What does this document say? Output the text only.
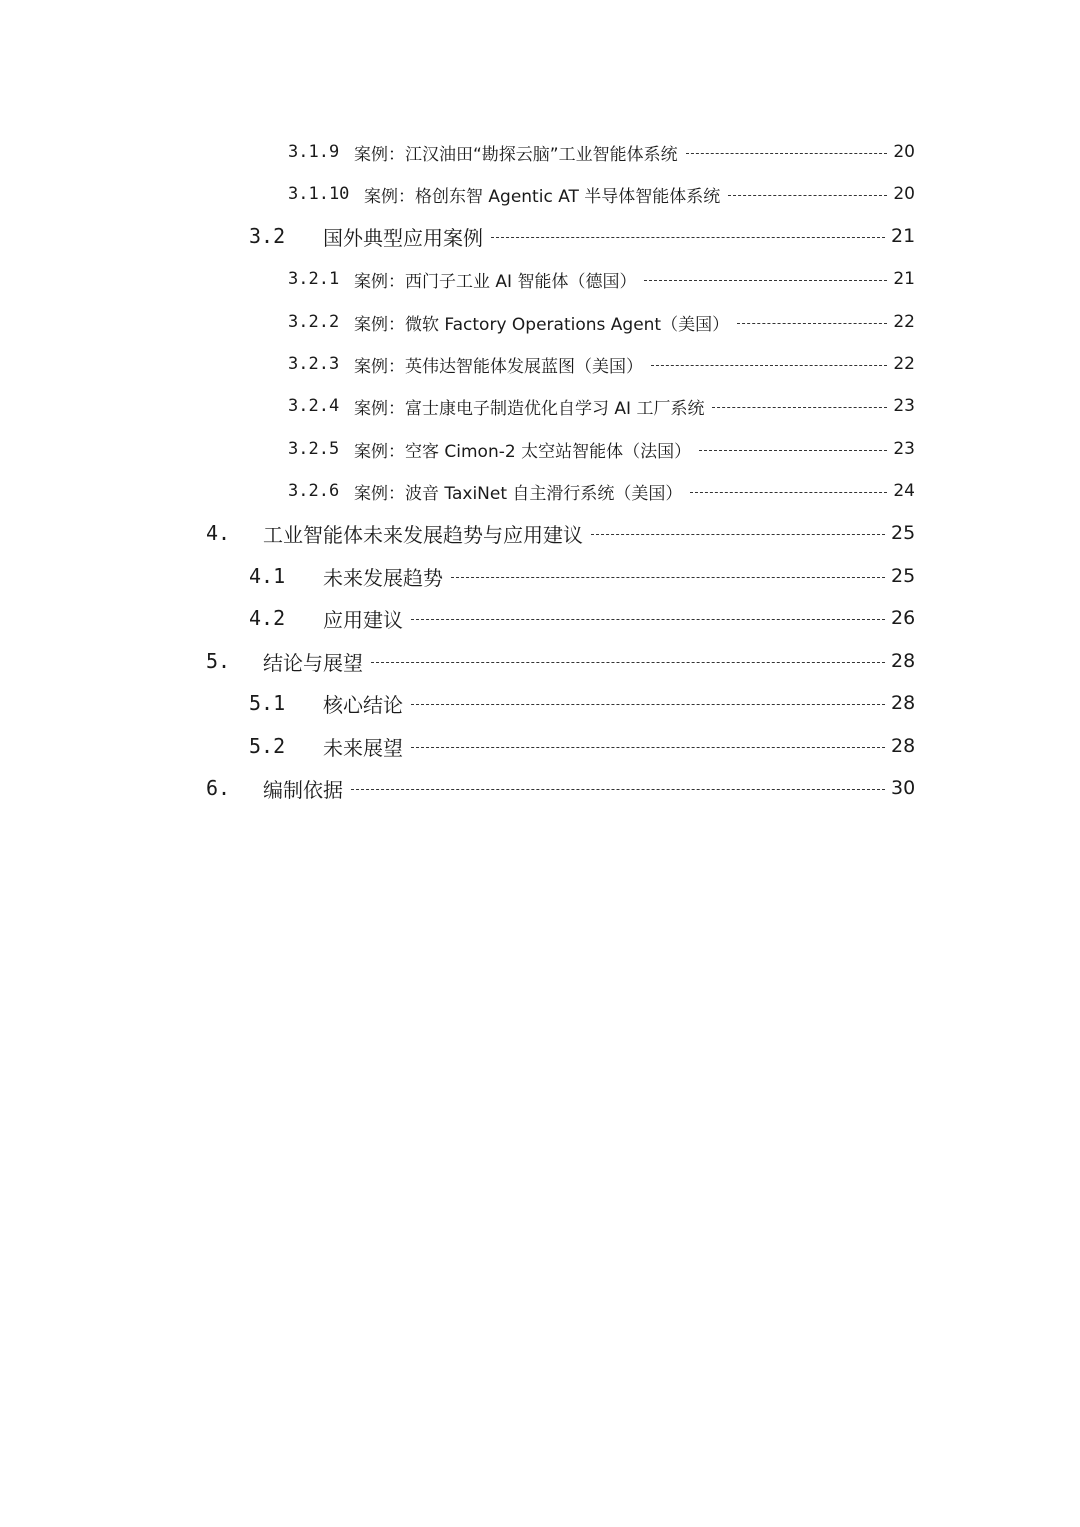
3.1.9 案例：江汉油田“勘探云脑”工业智能体系统	20
3.1.10 案例：格创东智 Agentic AT 半导体智能体系统	20
3.2	国外典型应用案例	21
3.2.1 案例：西门子工业 AI 智能体（德国）	21
3.2.2 案例：微软 Factory Operations Agent（美国）	22
3.2.3 案例：英伟达智能体发展蓝图（美国）	22
3.2.4 案例：富士康电子制造优化自学习 AI 工厂系统	23
3.2.5 案例：空客 Cimon-2 太空站智能体（法国）	23
3.2.6 案例：波音 TaxiNet 自主滑行系统（美国）	24
4.	工业智能体未来发展趋势与应用建议	25
4.1	未来发展趋势	25
4.2	应用建议	26
5.	结论与展望	28
5.1	核心结论	28
5.2	未来展望	28
6.	编制依据	30
